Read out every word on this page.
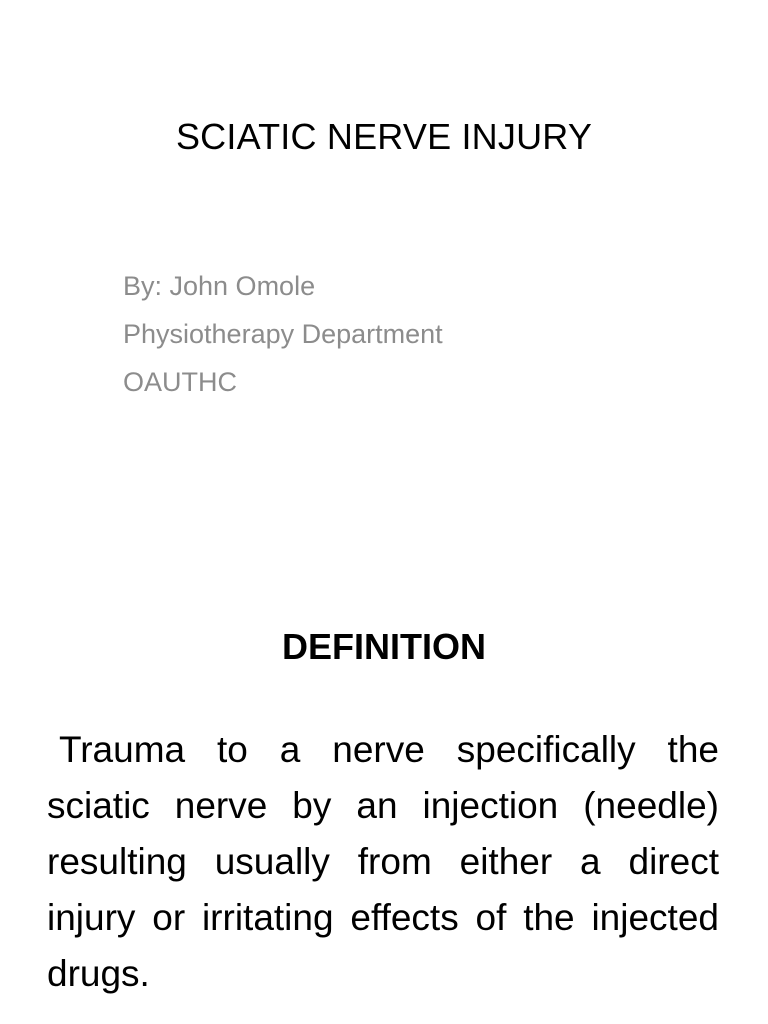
SCIATIC NERVE INJURY
By: John Omole
Physiotherapy Department
OAUTHC
DEFINITION

Trauma to a nerve specifically the sciatic nerve by an injection (needle) resulting usually from either a direct injury or irritating effects of the injected drugs.
